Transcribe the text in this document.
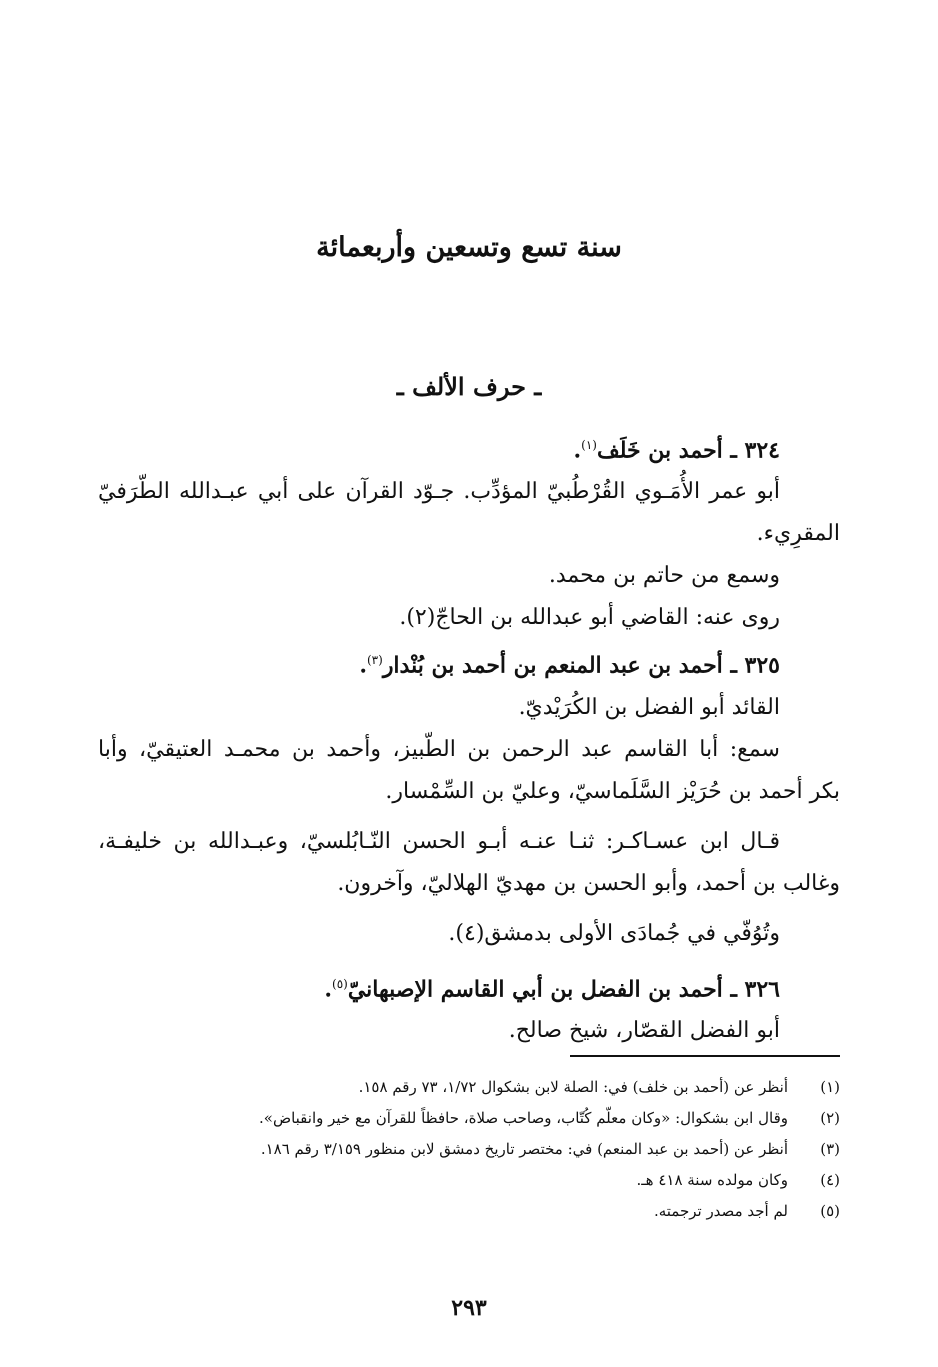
سنة تسع وتسعين وأربعمائة
ـ حرف الألف ـ

٣٢٤ ـ أحمد بن خَلَف$^{(١)}$.

أبو عمر الأُمَـوي القُرْطُبيّ المؤدِّب. جـوّد القرآن على أبي عبـدالله الطّرَفيّ

المقرِيء.

وسمع من حاتم بن محمد.

روى عنه: القاضي أبو عبدالله بن الحاجّ(٢).

٣٢٥ ـ أحمد بن عبد المنعم بن أحمد بن بُنْدار$^{(٣)}$.

القائد أبو الفضل بن الكُرَيْديّ.

سمع: أبا القاسم عبد الرحمن بن الطّبيز، وأحمد بن محمـد العتيقيّ، وأبا

بكر أحمد بن حُرَيْز السَّلَماسيّ، وعليّ بن السِّمْسار.

قـال ابن عسـاكـر: ثنـا عنـه أبـو الحسن النّـابُلسيّ، وعبـدالله بن خليفـة،

وغالب بن أحمد، وأبو الحسن بن مهديّ الهلاليّ، وآخرون.

وتُوُفّي في جُمادَى الأولى بدمشق(٤).

٣٢٦ ـ أحمد بن الفضل بن أبي القاسم الإصبهانيّ$^{(٥)}$.

أبو الفضل القصّار، شيخ صالح.

(١)
أنظر عن (أحمد بن خلف) في: الصلة لابن بشكوال ١/٧٢، ٧٣ رقم ١٥٨.
(٢)
وقال ابن بشكوال: «وكان معلّم كُتّاب، وصاحب صلاة، حافظاً للقرآن مع خير وانقباض».
(٣)
أنظر عن (أحمد بن عبد المنعم) في: مختصر تاريخ دمشق لابن منظور ٣/١٥٩ رقم ١٨٦.
(٤)
وكان مولده سنة ٤١٨ هـ.
(٥)
لم أجد مصدر ترجمته.
٢٩٣
